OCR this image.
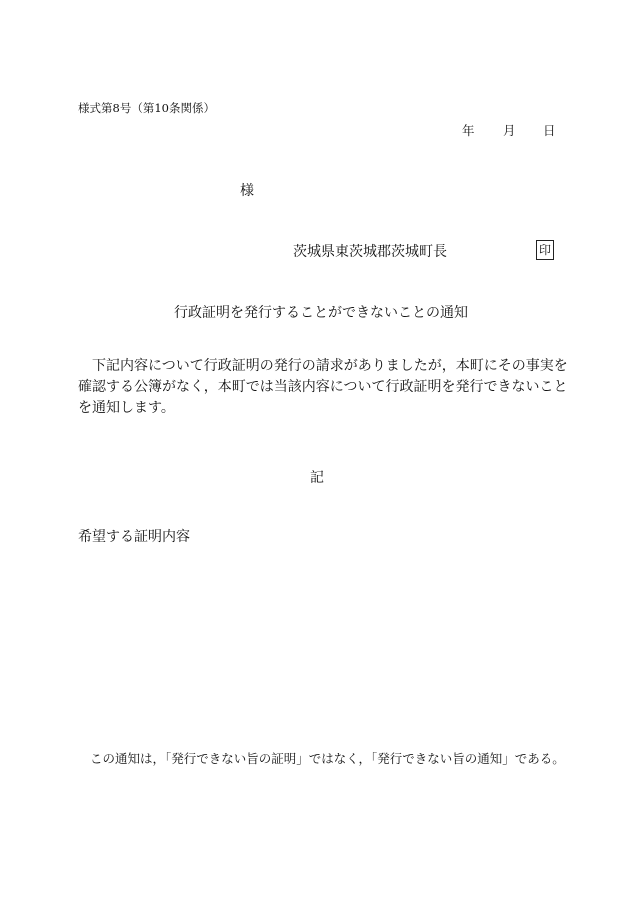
様式第8号（第10条関係）
年 月 日
様
茨城県東茨城郡茨城町長	印
行政証明を発行することができないことの通知
下記内容について行政証明の発行の請求がありましたが，本町にその事実を
確認する公簿がなく，本町では当該内容について行政証明を発行できないこと
を通知します。
記
希望する証明内容
この通知は，「発行できない旨の証明」ではなく，「発行できない旨の通知」である。
